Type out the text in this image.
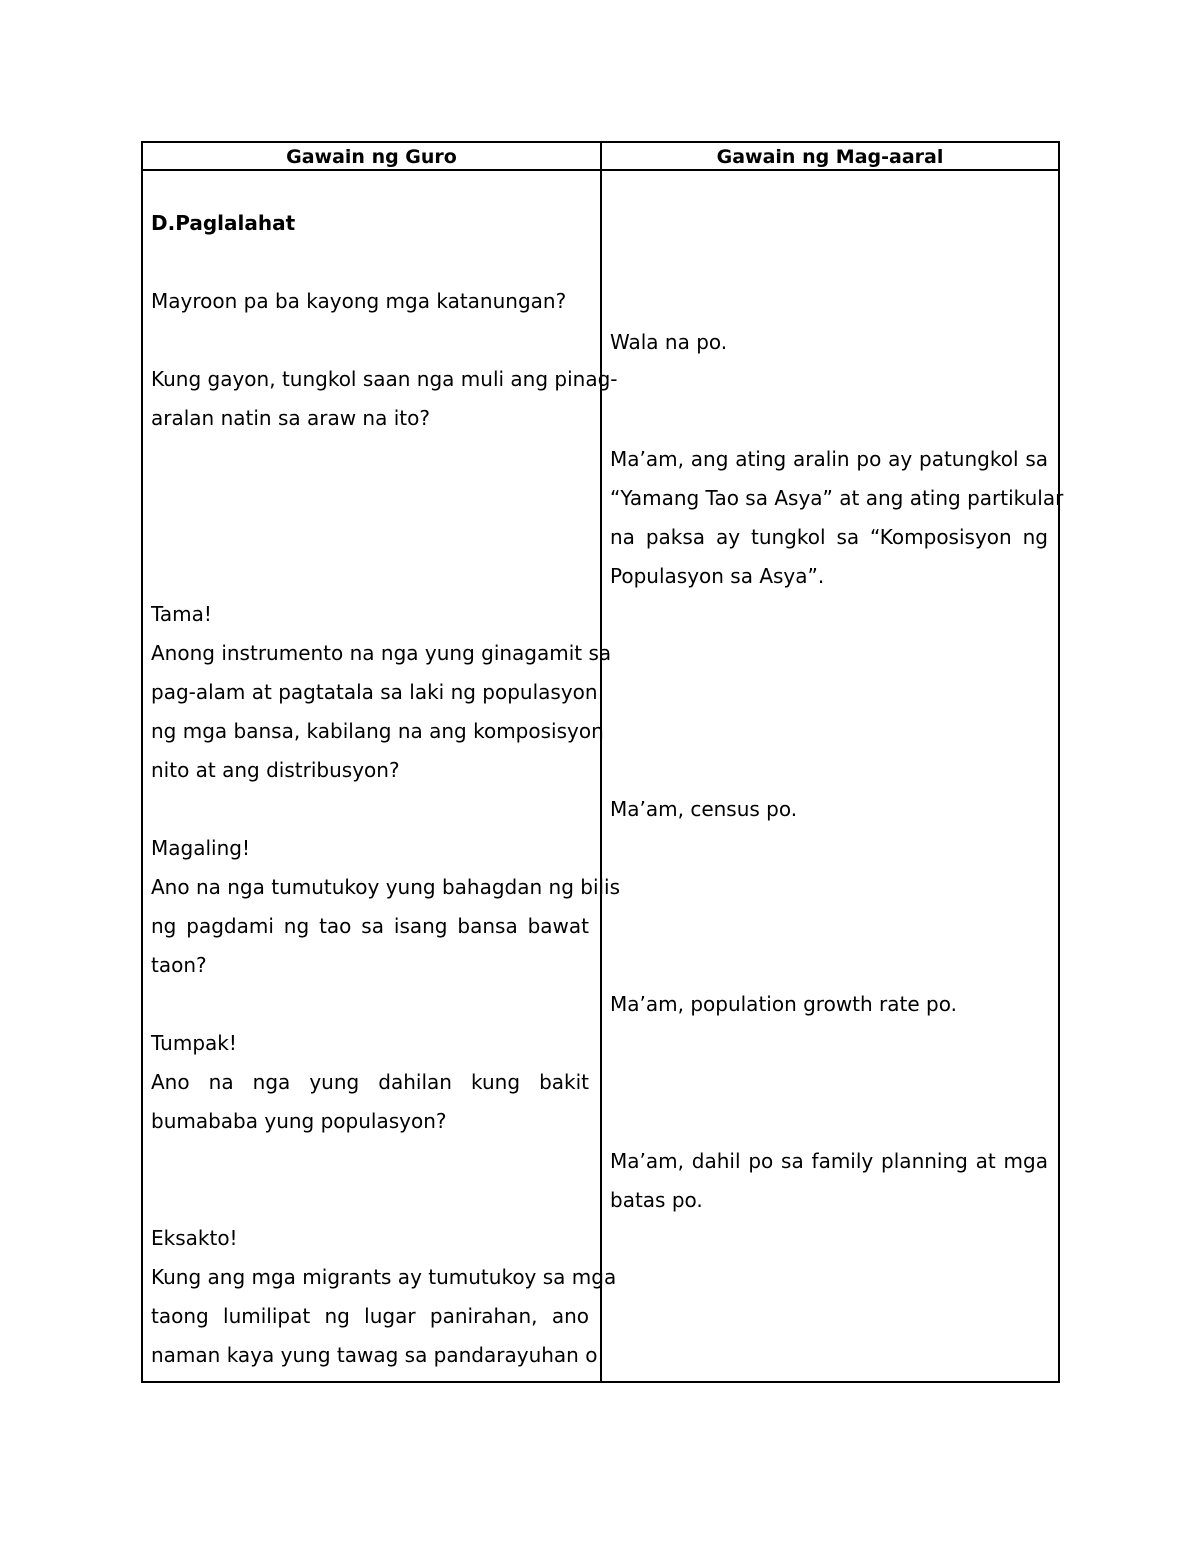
Gawain ng Guro	Gawain ng Mag-aaral
D.Paglalahat
Mayroon pa ba kayong mga katanungan?
Kung gayon, tungkol saan nga muli ang pinag-
aralan natin sa araw na ito?
Tama!
Anong instrumento na nga yung ginagamit sa
pag-alam at pagtatala sa laki ng populasyon
ng mga bansa, kabilang na ang komposisyon
nito at ang distribusyon?
Magaling!
Ano na nga tumutukoy yung bahagdan ng bilis
ng pagdami ng tao sa isang bansa bawat
taon?
Tumpak!
Ano na nga yung dahilan kung bakit
bumababa yung populasyon?
Eksakto!
Kung ang mga migrants ay tumutukoy sa mga
taong lumilipat ng lugar panirahan, ano
naman kaya yung tawag sa pandarayuhan o
Wala na po.
Ma’am, ang ating aralin po ay patungkol sa
“Yamang Tao sa Asya” at ang ating partikular
na paksa ay tungkol sa “Komposisyon ng
Populasyon sa Asya”.
Ma’am, census po.
Ma’am, population growth rate po.
Ma’am, dahil po sa family planning at mga
batas po.
